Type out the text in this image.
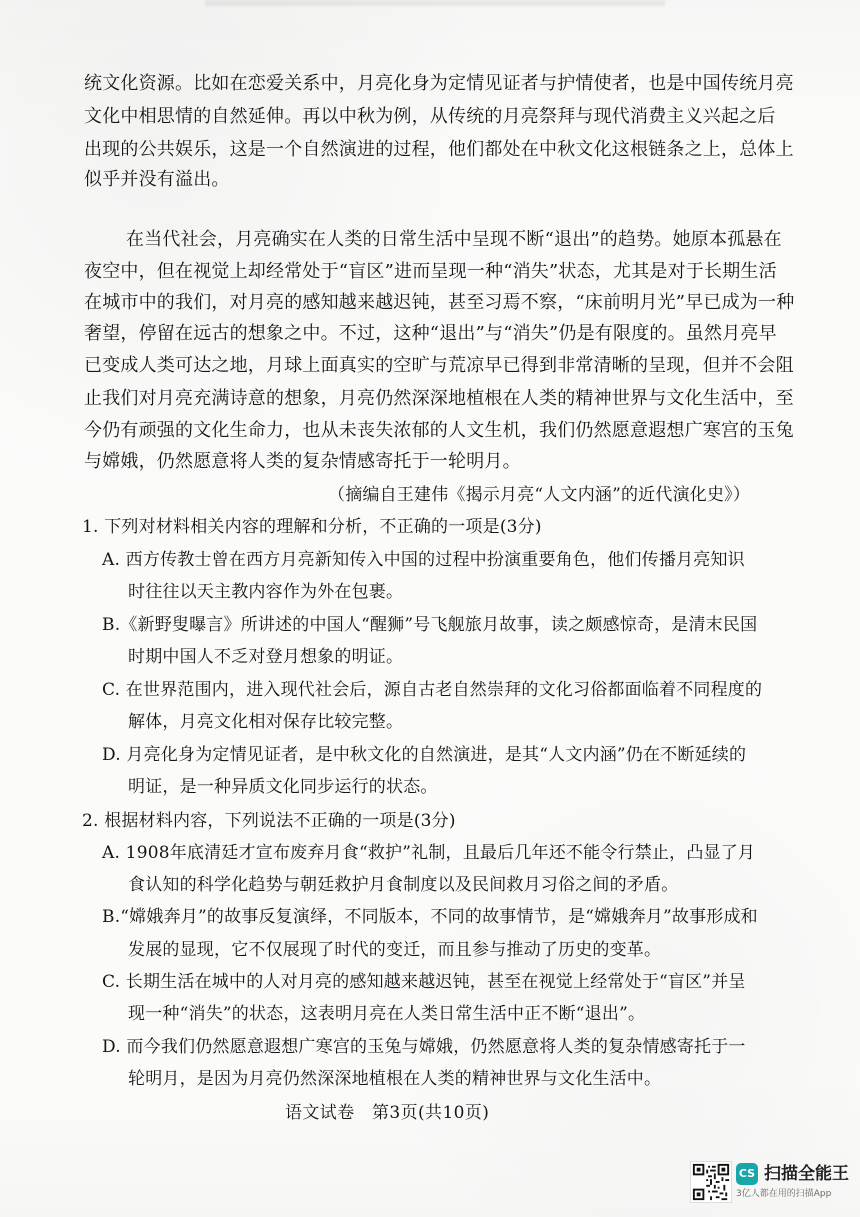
统文化资源。比如在恋爱关系中，月亮化身为定情见证者与护情使者，也是中国传统月亮
文化中相思情的自然延伸。再以中秋为例，从传统的月亮祭拜与现代消费主义兴起之后
出现的公共娱乐，这是一个自然演进的过程，他们都处在中秋文化这根链条之上，总体上
似乎并没有溢出。
在当代社会，月亮确实在人类的日常生活中呈现不断“退出”的趋势。她原本孤悬在
夜空中，但在视觉上却经常处于“盲区”进而呈现一种“消失”状态，尤其是对于长期生活
在城市中的我们，对月亮的感知越来越迟钝，甚至习焉不察，“床前明月光”早已成为一种
奢望，停留在远古的想象之中。不过，这种“退出”与“消失”仍是有限度的。虽然月亮早
已变成人类可达之地，月球上面真实的空旷与荒凉早已得到非常清晰的呈现，但并不会阻
止我们对月亮充满诗意的想象，月亮仍然深深地植根在人类的精神世界与文化生活中，至
今仍有顽强的文化生命力，也从未丧失浓郁的人文生机，我们仍然愿意遐想广寒宫的玉兔
与嫦娥，仍然愿意将人类的复杂情感寄托于一轮明月。
（摘编自王建伟《揭示月亮“人文内涵”的近代演化史》）
1. 下列对材料相关内容的理解和分析，不正确的一项是(3分)
A. 西方传教士曾在西方月亮新知传入中国的过程中扮演重要角色，他们传播月亮知识
时往往以天主教内容作为外在包裹。
B.《新野叟曝言》所讲述的中国人“醒狮”号飞舰旅月故事，读之颇感惊奇，是清末民国
时期中国人不乏对登月想象的明证。
C. 在世界范围内，进入现代社会后，源自古老自然崇拜的文化习俗都面临着不同程度的
解体，月亮文化相对保存比较完整。
D. 月亮化身为定情见证者，是中秋文化的自然演进，是其“人文内涵”仍在不断延续的
明证，是一种异质文化同步运行的状态。
2. 根据材料内容，下列说法不正确的一项是(3分)
A. 1908年底清廷才宣布废弃月食“救护”礼制，且最后几年还不能令行禁止，凸显了月
食认知的科学化趋势与朝廷救护月食制度以及民间救月习俗之间的矛盾。
B.“嫦娥奔月”的故事反复演绎，不同版本，不同的故事情节，是“嫦娥奔月”故事形成和
发展的显现，它不仅展现了时代的变迁，而且参与推动了历史的变革。
C. 长期生活在城中的人对月亮的感知越来越迟钝，甚至在视觉上经常处于“盲区”并呈
现一种“消失”的状态，这表明月亮在人类日常生活中正不断“退出”。
D. 而今我们仍然愿意遐想广寒宫的玉兔与嫦娥，仍然愿意将人类的复杂情感寄托于一
轮明月，是因为月亮仍然深深地植根在人类的精神世界与文化生活中。
语文试卷　第3页(共10页)
CS 扫描全能王
3亿人都在用的扫描App
